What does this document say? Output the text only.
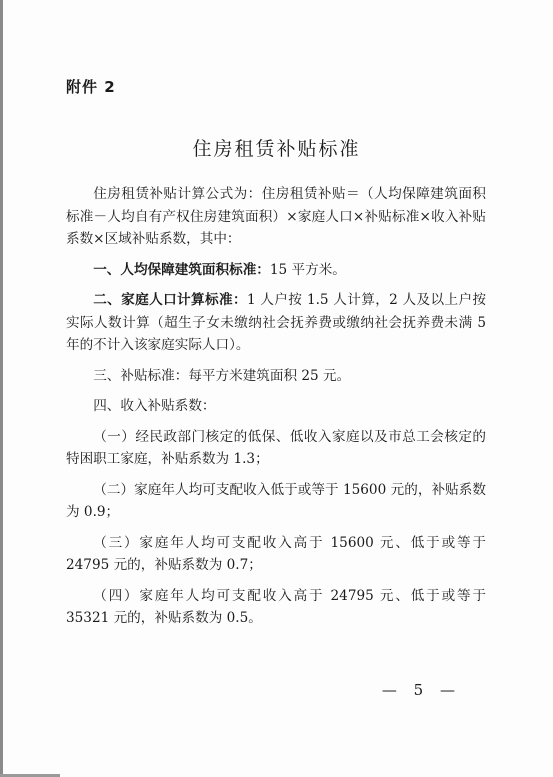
附件 2
住房租赁补贴标准

住房租赁补贴计算公式为：住房租赁补贴＝（人均保障建筑面积标准－人均自有产权住房建筑面积）×家庭人口×补贴标准×收入补贴系数×区域补贴系数，其中：

一、人均保障建筑面积标准：15 平方米。

二、家庭人口计算标准：1 人户按 1.5 人计算，2 人及以上户按实际人数计算（超生子女未缴纳社会抚养费或缴纳社会抚养费未满 5 年的不计入该家庭实际人口）。

三、补贴标准：每平方米建筑面积 25 元。

四、收入补贴系数：

（一）经民政部门核定的低保、低收入家庭以及市总工会核定的特困职工家庭，补贴系数为 1.3；

（二）家庭年人均可支配收入低于或等于 15600 元的，补贴系数为 0.9；

（三）家庭年人均可支配收入高于 15600 元、低于或等于 24795 元的，补贴系数为 0.7；

（四）家庭年人均可支配收入高于 24795 元、低于或等于 35321 元的，补贴系数为 0.5。

— 5 —
